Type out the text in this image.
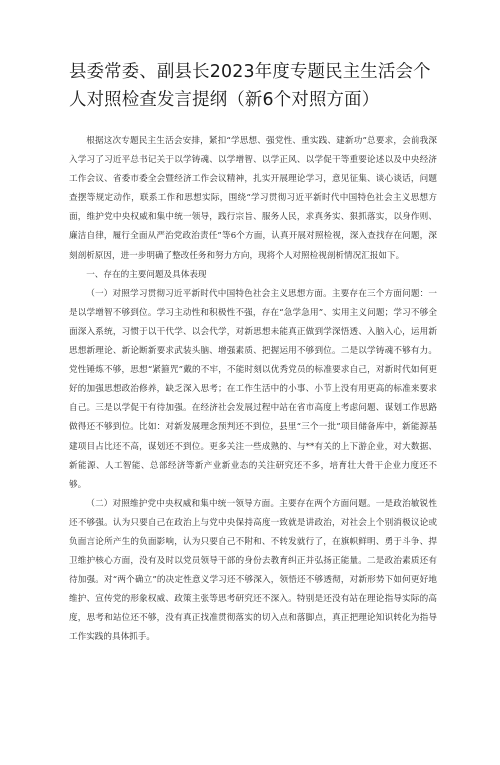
县委常委、副县长2023年度专题民主生活会个人对照检查发言提纲（新6个对照方面）

根据这次专题民主生活会安排，紧扣“学思想、强党性、重实践、建新功”总要求，会前我深入学习了习近平总书记关于以学铸魂、以学增智、以学正风、以学促干等重要论述以及中央经济工作会议、省委市委全会暨经济工作会议精神，扎实开展理论学习，意见征集、谈心谈话，问题查摆等规定动作，联系工作和思想实际，围绕“学习贯彻习近平新时代中国特色社会主义思想方面，维护党中央权威和集中统一领导，践行宗旨、服务人民，求真务实、狠抓落实，以身作则、廉洁自律，履行全面从严治党政治责任”等6个方面，认真开展对照检视，深入查找存在问题，深刻剖析原因，进一步明确了整改任务和努力方向，现将个人对照检视剖析情况汇报如下。

一、存在的主要问题及具体表现

（一）对照学习贯彻习近平新时代中国特色社会主义思想方面。主要存在三个方面问题：一是以学增智不够到位。学习主动性和积极性不强，存在“急学急用”、实用主义问题；学习不够全面深入系统，习惯于以干代学、以会代学，对新思想未能真正做到学深悟透、入脑入心，运用新思想新理论、新论断新要求武装头脑、增强素质、把握运用不够到位。二是以学铸魂不够有力。党性锤炼不够，思想“紧箍咒”戴的不牢，不能时刻以优秀党员的标准要求自己，对新时代如何更好的加强思想政治修养，缺乏深入思考；在工作生活中的小事、小节上没有用更高的标准来要求自己。三是以学促干有待加强。在经济社会发展过程中站在省市高度上考虑问题、谋划工作思路做得还不够到位。比如：对新发展理念预判还不到位，县里“三个一批”项目储备库中，新能源基建项目占比还不高，谋划还不到位。更多关注一些成熟的、与**有关的上下游企业，对大数据、新能源、人工智能、总部经济等新产业新业态的关注研究还不多，培育壮大骨干企业力度还不够。

（二）对照维护党中央权威和集中统一领导方面。主要存在两个方面问题。一是政治敏锐性还不够强。认为只要自己在政治上与党中央保持高度一致就是讲政治，对社会上个别消极议论或负面言论所产生的负面影响，认为只要自己不附和、不转发就行了，在旗帜鲜明、勇于斗争、捍卫维护核心方面，没有及时以党员领导干部的身份去教育纠正并弘扬正能量。二是政治素质还有待加强。对“两个确立”的决定性意义学习还不够深入，领悟还不够透彻，对新形势下如何更好地维护、宣传党的形象权威、政策主张等思考研究还不深入。特别是还没有站在理论指导实际的高度，思考和站位还不够，没有真正找准贯彻落实的切入点和落脚点，真正把理论知识转化为指导工作实践的具体抓手。
